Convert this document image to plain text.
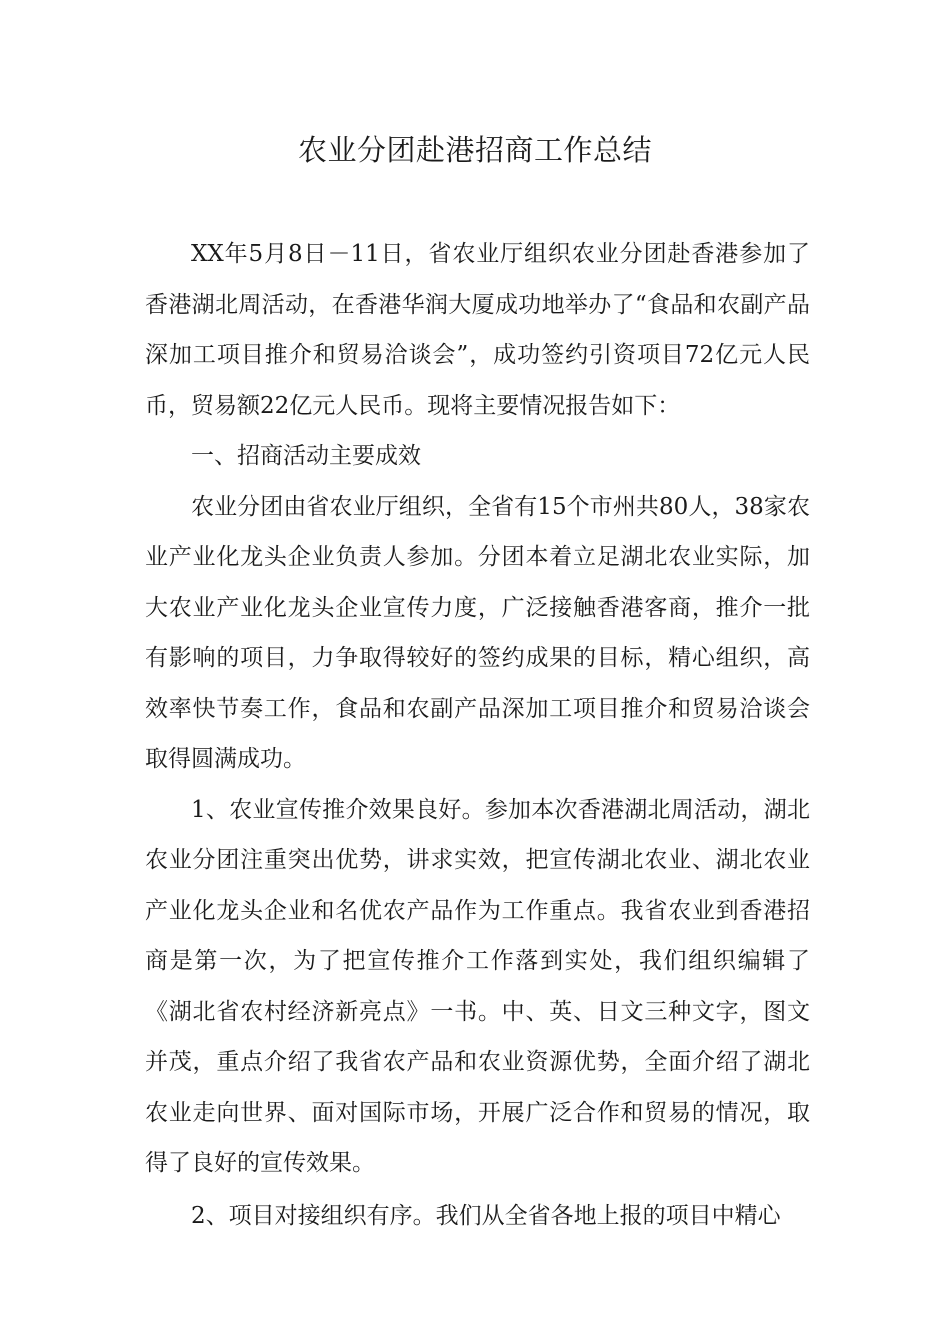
农业分团赴港招商工作总结

XX年5月8日－11日，省农业厅组织农业分团赴香港参加了香港湖北周活动，在香港华润大厦成功地举办了“食品和农副产品深加工项目推介和贸易洽谈会”，成功签约引资项目72亿元人民币，贸易额22亿元人民币。现将主要情况报告如下：

一、招商活动主要成效

农业分团由省农业厅组织，全省有15个市州共80人，38家农业产业化龙头企业负责人参加。分团本着立足湖北农业实际，加大农业产业化龙头企业宣传力度，广泛接触香港客商，推介一批有影响的项目，力争取得较好的签约成果的目标，精心组织，高效率快节奏工作，食品和农副产品深加工项目推介和贸易洽谈会取得圆满成功。

1、农业宣传推介效果良好。参加本次香港湖北周活动，湖北农业分团注重突出优势，讲求实效，把宣传湖北农业、湖北农业产业化龙头企业和名优农产品作为工作重点。我省农业到香港招商是第一次，为了把宣传推介工作落到实处，我们组织编辑了《湖北省农村经济新亮点》一书。中、英、日文三种文字，图文并茂，重点介绍了我省农产品和农业资源优势，全面介绍了湖北农业走向世界、面对国际市场，开展广泛合作和贸易的情况，取得了良好的宣传效果。

2、项目对接组织有序。我们从全省各地上报的项目中精心
